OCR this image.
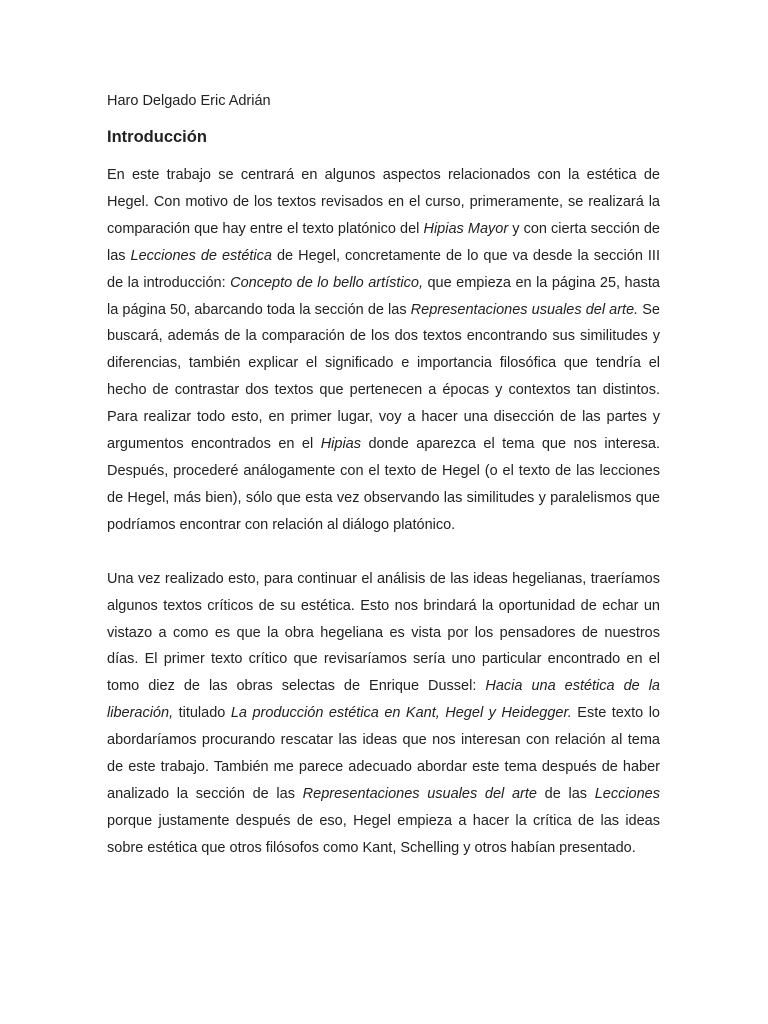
Haro Delgado Eric Adrián
Introducción

En este trabajo se centrará en algunos aspectos relacionados con la estética de Hegel. Con motivo de los textos revisados en el curso, primeramente, se realizará la comparación que hay entre el texto platónico del Hipias Mayor y con cierta sección de las Lecciones de estética de Hegel, concretamente de lo que va desde la sección III de la introducción: Concepto de lo bello artístico, que empieza en la página 25, hasta la página 50, abarcando toda la sección de las Representaciones usuales del arte. Se buscará, además de la comparación de los dos textos encontrando sus similitudes y diferencias, también explicar el significado e importancia filosófica que tendría el hecho de contrastar dos textos que pertenecen a épocas y contextos tan distintos. Para realizar todo esto, en primer lugar, voy a hacer una disección de las partes y argumentos encontrados en el Hipias donde aparezca el tema que nos interesa. Después, procederé análogamente con el texto de Hegel (o el texto de las lecciones de Hegel, más bien), sólo que esta vez observando las similitudes y paralelismos que podríamos encontrar con relación al diálogo platónico.

Una vez realizado esto, para continuar el análisis de las ideas hegelianas, traeríamos algunos textos críticos de su estética. Esto nos brindará la oportunidad de echar un vistazo a como es que la obra hegeliana es vista por los pensadores de nuestros días. El primer texto crítico que revisaríamos sería uno particular encontrado en el tomo diez de las obras selectas de Enrique Dussel: Hacia una estética de la liberación, titulado La producción estética en Kant, Hegel y Heidegger. Este texto lo abordaríamos procurando rescatar las ideas que nos interesan con relación al tema de este trabajo. También me parece adecuado abordar este tema después de haber analizado la sección de las Representaciones usuales del arte de las Lecciones porque justamente después de eso, Hegel empieza a hacer la crítica de las ideas sobre estética que otros filósofos como Kant, Schelling y otros habían presentado.
